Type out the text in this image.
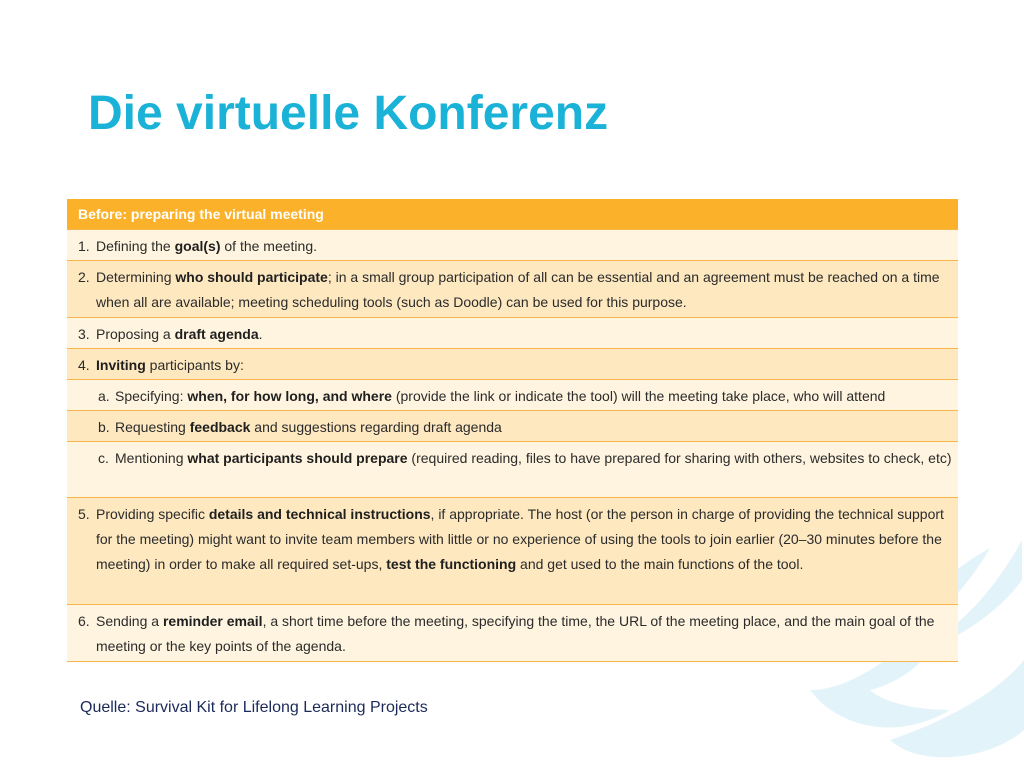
Die virtuelle Konferenz
Before: preparing the virtual meeting
1. Defining the goal(s) of the meeting.
2. Determining who should participate; in a small group participation of all can be essential and an agreement must be reached on a time when all are available; meeting scheduling tools (such as Doodle) can be used for this purpose.
3. Proposing a draft agenda.
4. Inviting participants by:
a. Specifying: when, for how long, and where (provide the link or indicate the tool) will the meeting take place, who will attend
b. Requesting feedback and suggestions regarding draft agenda
c. Mentioning what participants should prepare (required reading, files to have prepared for sharing with others, websites to check, etc)
5. Providing specific details and technical instructions, if appropriate. The host (or the person in charge of providing the technical support for the meeting) might want to invite team members with little or no experience of using the tools to join earlier (20–30 minutes before the meeting) in order to make all required set-ups, test the functioning and get used to the main functions of the tool.
6. Sending a reminder email, a short time before the meeting, specifying the time, the URL of the meeting place, and the main goal of the meeting or the key points of the agenda.
Quelle: Survival Kit for Lifelong Learning Projects
